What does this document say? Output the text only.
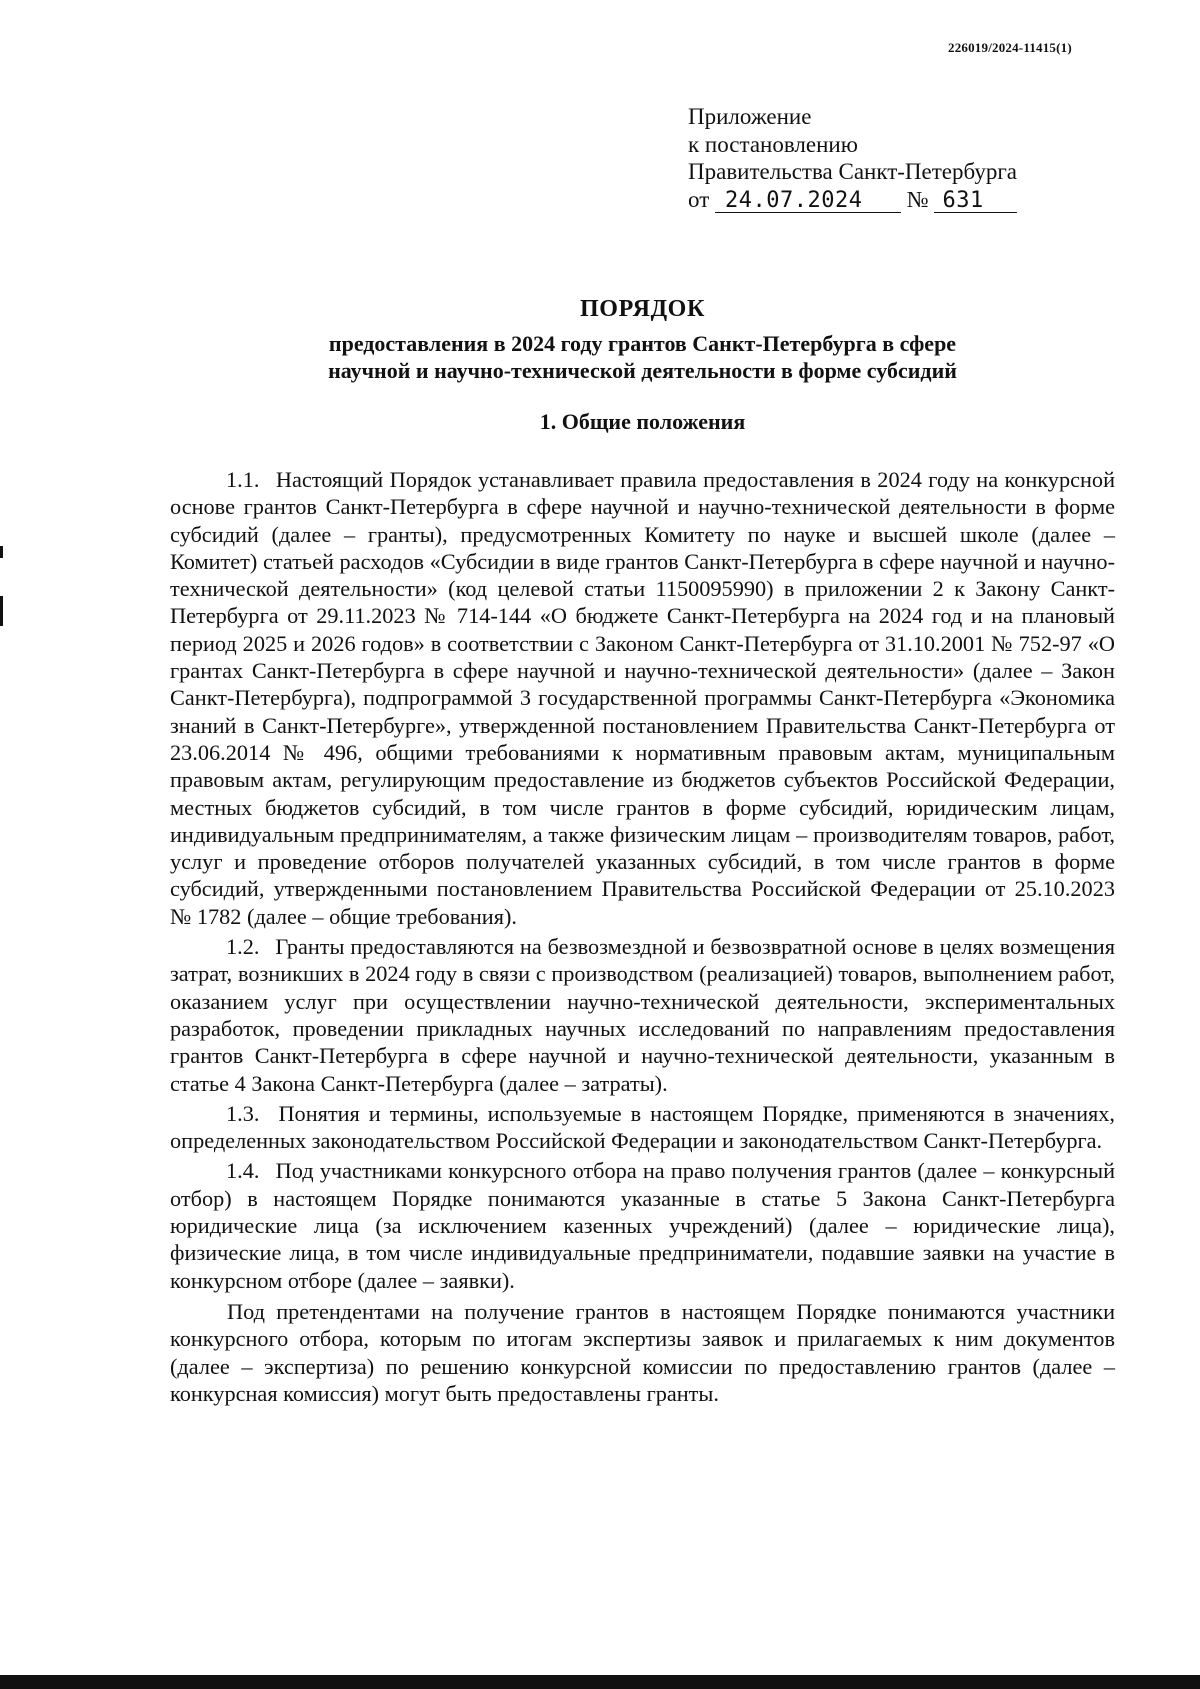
226019/2024-11415(1)
Приложение
к постановлению
Правительства Санкт-Петербурга
от 24.07.2024 № 631
ПОРЯДОК
предоставления в 2024 году грантов Санкт-Петербурга в сфере
научной и научно-технической деятельности в форме субсидий
1. Общие положения

1.1. Настоящий Порядок устанавливает правила предоставления в 2024 году на конкурсной основе грантов Санкт-Петербурга в сфере научной и научно-технической деятельности в форме субсидий (далее – гранты), предусмотренных Комитету по науке и высшей школе (далее – Комитет) статьей расходов «Субсидии в виде грантов Санкт-Петербурга в сфере научной и научно-технической деятельности» (код целевой статьи 1150095990) в приложении 2 к Закону Санкт-Петербурга от 29.11.2023 № 714-144 «О бюджете Санкт-Петербурга на 2024 год и на плановый период 2025 и 2026 годов» в соответствии с Законом Санкт-Петербурга от 31.10.2001 № 752-97 «О грантах Санкт-Петербурга в сфере научной и научно-технической деятельности» (далее – Закон Санкт-Петербурга), подпрограммой 3 государственной программы Санкт-Петербурга «Экономика знаний в Санкт-Петербурге», утвержденной постановлением Правительства Санкт-Петербурга от 23.06.2014 № 496, общими требованиями к нормативным правовым актам, муниципальным правовым актам, регулирующим предоставление из бюджетов субъектов Российской Федерации, местных бюджетов субсидий, в том числе грантов в форме субсидий, юридическим лицам, индивидуальным предпринимателям, а также физическим лицам – производителям товаров, работ, услуг и проведение отборов получателей указанных субсидий, в том числе грантов в форме субсидий, утвержденными постановлением Правительства Российской Федерации от 25.10.2023 № 1782 (далее – общие требования).

1.2. Гранты предоставляются на безвозмездной и безвозвратной основе в целях возмещения затрат, возникших в 2024 году в связи с производством (реализацией) товаров, выполнением работ, оказанием услуг при осуществлении научно-технической деятельности, экспериментальных разработок, проведении прикладных научных исследований по направлениям предоставления грантов Санкт-Петербурга в сфере научной и научно-технической деятельности, указанным в статье 4 Закона Санкт-Петербурга (далее – затраты).

1.3. Понятия и термины, используемые в настоящем Порядке, применяются в значениях, определенных законодательством Российской Федерации и законодательством Санкт-Петербурга.

1.4. Под участниками конкурсного отбора на право получения грантов (далее – конкурсный отбор) в настоящем Порядке понимаются указанные в статье 5 Закона Санкт-Петербурга юридические лица (за исключением казенных учреждений) (далее – юридические лица), физические лица, в том числе индивидуальные предприниматели, подавшие заявки на участие в конкурсном отборе (далее – заявки).

Под претендентами на получение грантов в настоящем Порядке понимаются участники конкурсного отбора, которым по итогам экспертизы заявок и прилагаемых к ним документов (далее – экспертиза) по решению конкурсной комиссии по предоставлению грантов (далее – конкурсная комиссия) могут быть предоставлены гранты.
